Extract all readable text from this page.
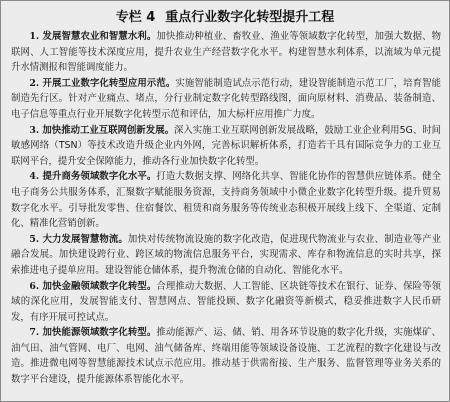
专栏 4 重点行业数字化转型提升工程

1. 发展智慧农业和智慧水利。加快推动种植业、畜牧业、渔业等领域数字化转型，加强大数据、物联网、人工智能等技术深度应用，提升农业生产经营数字化水平。构建智慧水利体系，以流域为单元提升水情测报和智能调度能力。

2. 开展工业数字化转型应用示范。实施智能制造试点示范行动，建设智能制造示范工厂，培育智能制造先行区。针对产业痛点、堵点，分行业制定数字化转型路线图，面向原材料、消费品、装备制造、电子信息等重点行业开展数字化转型示范和评估，加大标杆应用推广力度。

3. 加快推动工业互联网创新发展。深入实施工业互联网创新发展战略，鼓励工业企业利用5G、时间敏感网络（TSN）等技术改造升级企业内外网，完善标识解析体系，打造若干具有国际竞争力的工业互联网平台，提升安全保障能力，推动各行业加快数字化转型。

4. 提升商务领域数字化水平。打造大数据支撑、网络化共享、智能化协作的智慧供应链体系。健全电子商务公共服务体系，汇聚数字赋能服务资源，支持商务领域中小微企业数字化转型升级。提升贸易数字化水平。引导批发零售、住宿餐饮、租赁和商务服务等传统业态积极开展线上线下、全渠道、定制化、精准化营销创新。

5. 大力发展智慧物流。加快对传统物流设施的数字化改造，促进现代物流业与农业、制造业等产业融合发展。加快建设跨行业、跨区域的物流信息服务平台，实现需求、库存和物流信息的实时共享，探索推进电子提单应用。建设智能仓储体系，提升物流仓储的自动化、智能化水平。

6. 加快金融领域数字化转型。合理推动大数据、人工智能、区块链等技术在银行、证券、保险等领域的深化应用，发展智能支付、智慧网点、智能投顾、数字化融资等新模式，稳妥推进数字人民币研发，有序开展可控试点。

7. 加快能源领域数字化转型。推动能源产、运、储、销、用各环节设施的数字化升级，实施煤矿、油气田、油气管网、电厂、电网、油气储备库、终端用能等领域设备设施、工艺流程的数字化建设与改造。推进微电网等智慧能源技术试点示范应用。推动基于供需衔接、生产服务、监督管理等业务关系的数字平台建设，提升能源体系智能化水平。
